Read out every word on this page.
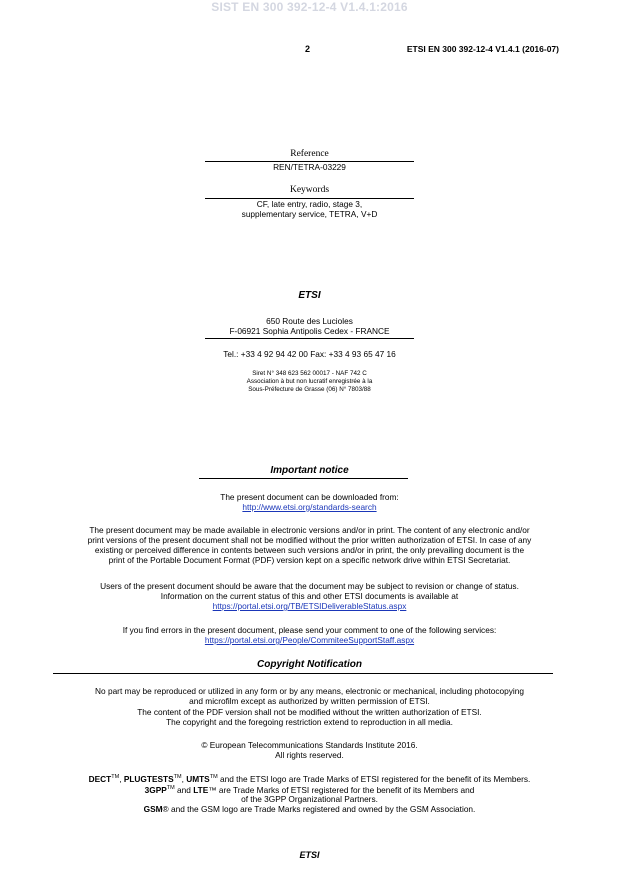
SIST EN 300 392-12-4 V1.4.1:2016
2	ETSI EN 300 392-12-4 V1.4.1 (2016-07)
Reference
REN/TETRA-03229
Keywords
CF, late entry, radio, stage 3,
supplementary service, TETRA, V+D
ETSI
650 Route des Lucioles
F-06921 Sophia Antipolis Cedex - FRANCE
Tel.: +33 4 92 94 42 00 Fax: +33 4 93 65 47 16
Siret N° 348 623 562 00017 - NAF 742 C
Association à but non lucratif enregistrée à la
Sous-Préfecture de Grasse (06) N° 7803/88
Important notice
The present document can be downloaded from:
http://www.etsi.org/standards-search
The present document may be made available in electronic versions and/or in print. The content of any electronic and/or
print versions of the present document shall not be modified without the prior written authorization of ETSI. In case of any
existing or perceived difference in contents between such versions and/or in print, the only prevailing document is the
print of the Portable Document Format (PDF) version kept on a specific network drive within ETSI Secretariat.
Users of the present document should be aware that the document may be subject to revision or change of status.
Information on the current status of this and other ETSI documents is available at
https://portal.etsi.org/TB/ETSIDeliverableStatus.aspx
If you find errors in the present document, please send your comment to one of the following services:
https://portal.etsi.org/People/CommiteeSupportStaff.aspx
Copyright Notification
No part may be reproduced or utilized in any form or by any means, electronic or mechanical, including photocopying
and microfilm except as authorized by written permission of ETSI.
The content of the PDF version shall not be modified without the written authorization of ETSI.
The copyright and the foregoing restriction extend to reproduction in all media.
© European Telecommunications Standards Institute 2016.
All rights reserved.
DECT™, PLUGTESTS™, UMTS™ and the ETSI logo are Trade Marks of ETSI registered for the benefit of its Members.
3GPP™ and LTE™ are Trade Marks of ETSI registered for the benefit of its Members and
of the 3GPP Organizational Partners.
GSM® and the GSM logo are Trade Marks registered and owned by the GSM Association.
ETSI
